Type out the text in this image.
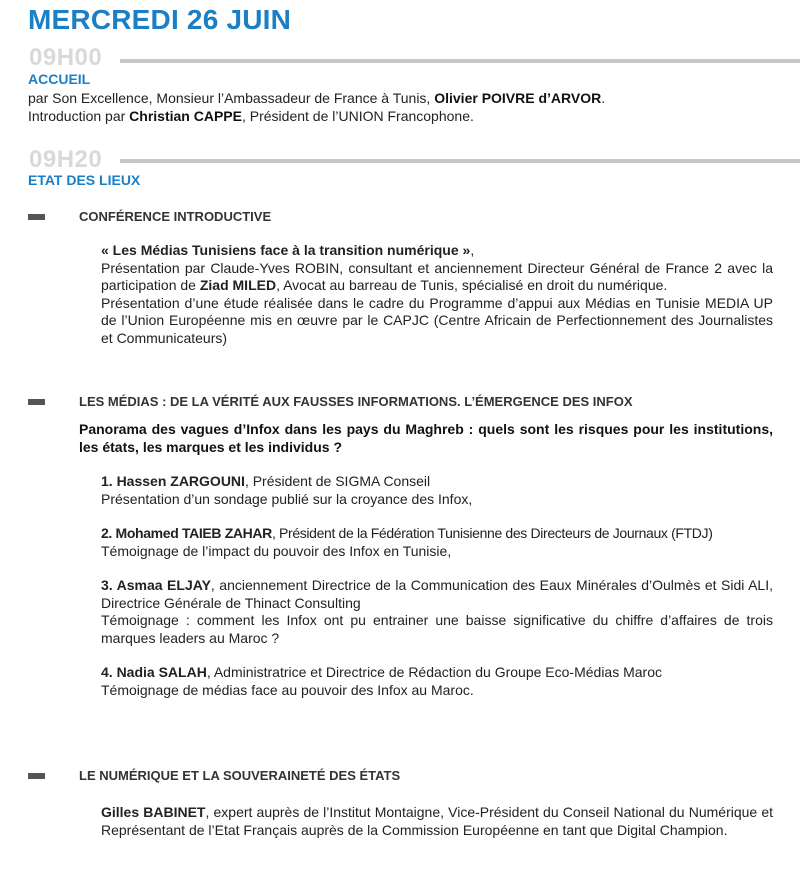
MERCREDI 26 JUIN
09H00
ACCUEIL
par Son Excellence, Monsieur l’Ambassadeur de France à Tunis, Olivier POIVRE d’ARVOR.
Introduction par Christian CAPPE, Président de l’UNION Francophone.
09H20
ETAT DES LIEUX
CONFÉRENCE INTRODUCTIVE
« Les Médias Tunisiens face à la transition numérique »,
Présentation par Claude-Yves ROBIN, consultant et anciennement Directeur Général de France 2 avec la participation de Ziad MILED, Avocat au barreau de Tunis, spécialisé en droit du numérique.
Présentation d’une étude réalisée dans le cadre du Programme d’appui aux Médias en Tunisie MEDIA UP de l’Union Européenne mis en œuvre par le CAPJC (Centre Africain de Perfectionnement des Journalistes et Communicateurs)
LES MÉDIAS : DE LA VÉRITÉ AUX FAUSSES INFORMATIONS. L’ÉMERGENCE DES INFOX
Panorama des vagues d’Infox dans les pays du Maghreb : quels sont les risques pour les institutions, les états, les marques et les individus ?
1. Hassen ZARGOUNI, Président de SIGMA Conseil
Présentation d’un sondage publié sur la croyance des Infox,
2. Mohamed TAIEB ZAHAR, Président de la Fédération Tunisienne des Directeurs de Journaux (FTDJ)
Témoignage de l’impact du pouvoir des Infox en Tunisie,
3. Asmaa ELJAY, anciennement Directrice de la Communication des Eaux Minérales d’Oulmès et Sidi ALI, Directrice Générale de Thinact Consulting
Témoignage : comment les Infox ont pu entrainer une baisse significative du chiffre d’affaires de trois marques leaders au Maroc ?
4. Nadia SALAH, Administratrice et Directrice de Rédaction du Groupe Eco-Médias Maroc
Témoignage de médias face au pouvoir des Infox au Maroc.
LE NUMÉRIQUE ET LA SOUVERAINETÉ DES ÉTATS
Gilles BABINET, expert auprès de l’Institut Montaigne, Vice-Président du Conseil National du Numérique et Représentant de l’Etat Français auprès de la Commission Européenne en tant que Digital Champion.
